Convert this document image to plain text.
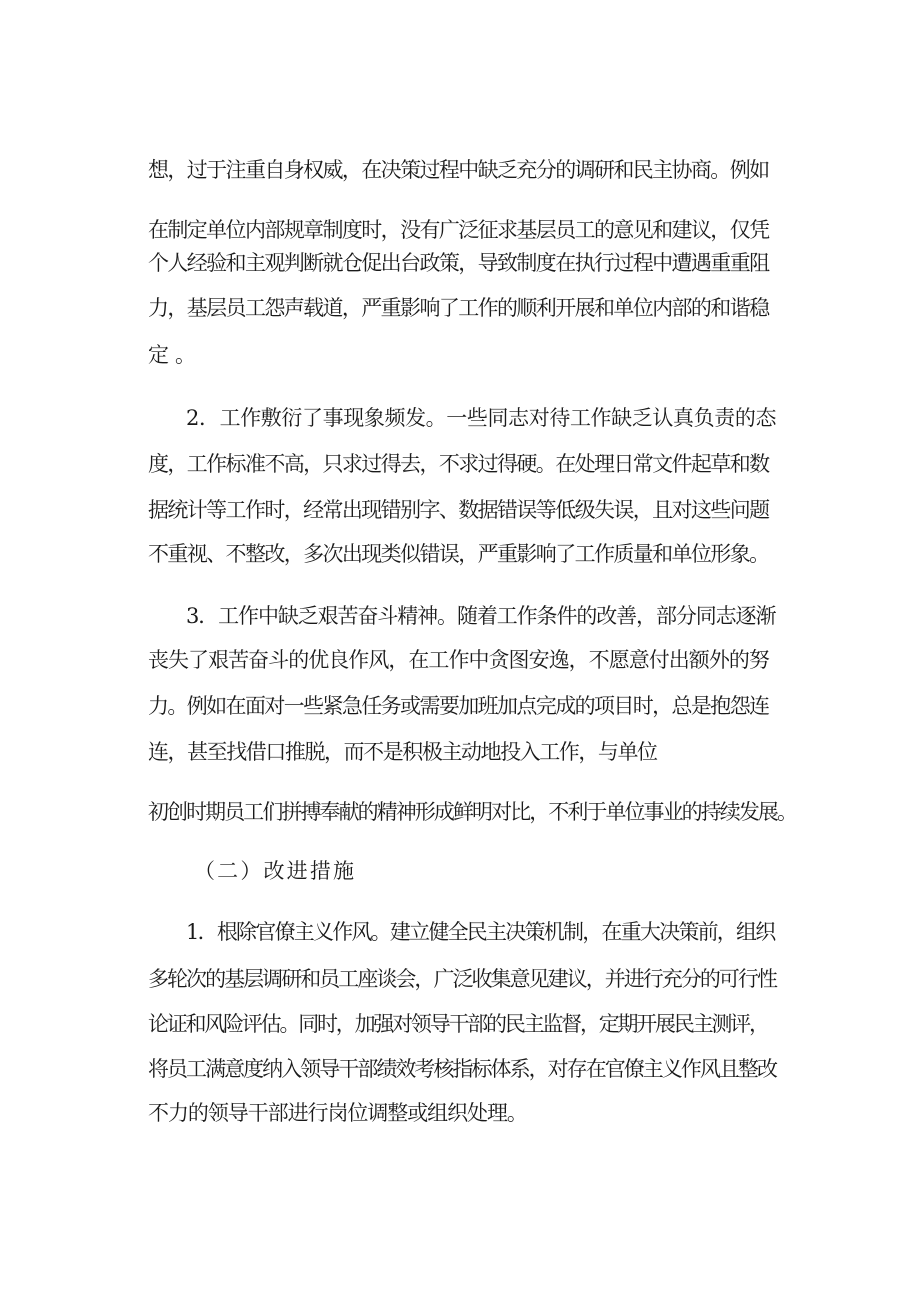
想，过于注重自身权威，在决策过程中缺乏充分的调研和民主协商。例如

在制定单位内部规章制度时，没有广泛征求基层员工的意见和建议，仅凭

个人经验和主观判断就仓促出台政策，导致制度在执行过程中遭遇重重阻

力，基层员工怨声载道，严重影响了工作的顺利开展和单位内部的和谐稳

定。

2．工作敷衍了事现象频发。一些同志对待工作缺乏认真负责的态

度，工作标准不高，只求过得去，不求过得硬。在处理日常文件起草和数

据统计等工作时，经常出现错别字、数据错误等低级失误，且对这些问题

不重视、不整改，多次出现类似错误，严重影响了工作质量和单位形象。

3．工作中缺乏艰苦奋斗精神。随着工作条件的改善，部分同志逐渐

丧失了艰苦奋斗的优良作风，在工作中贪图安逸，不愿意付出额外的努

力。例如在面对一些紧急任务或需要加班加点完成的项目时，总是抱怨连

连，甚至找借口推脱，而不是积极主动地投入工作，与单位

初创时期员工们拼搏奉献的精神形成鲜明对比，不利于单位事业的持续发展。

（二）改进措施

1．根除官僚主义作风。建立健全民主决策机制，在重大决策前，组织

多轮次的基层调研和员工座谈会，广泛收集意见建议，并进行充分的可行性

论证和风险评估。同时，加强对领导干部的民主监督，定期开展民主测评，

将员工满意度纳入领导干部绩效考核指标体系，对存在官僚主义作风且整改

不力的领导干部进行岗位调整或组织处理。
